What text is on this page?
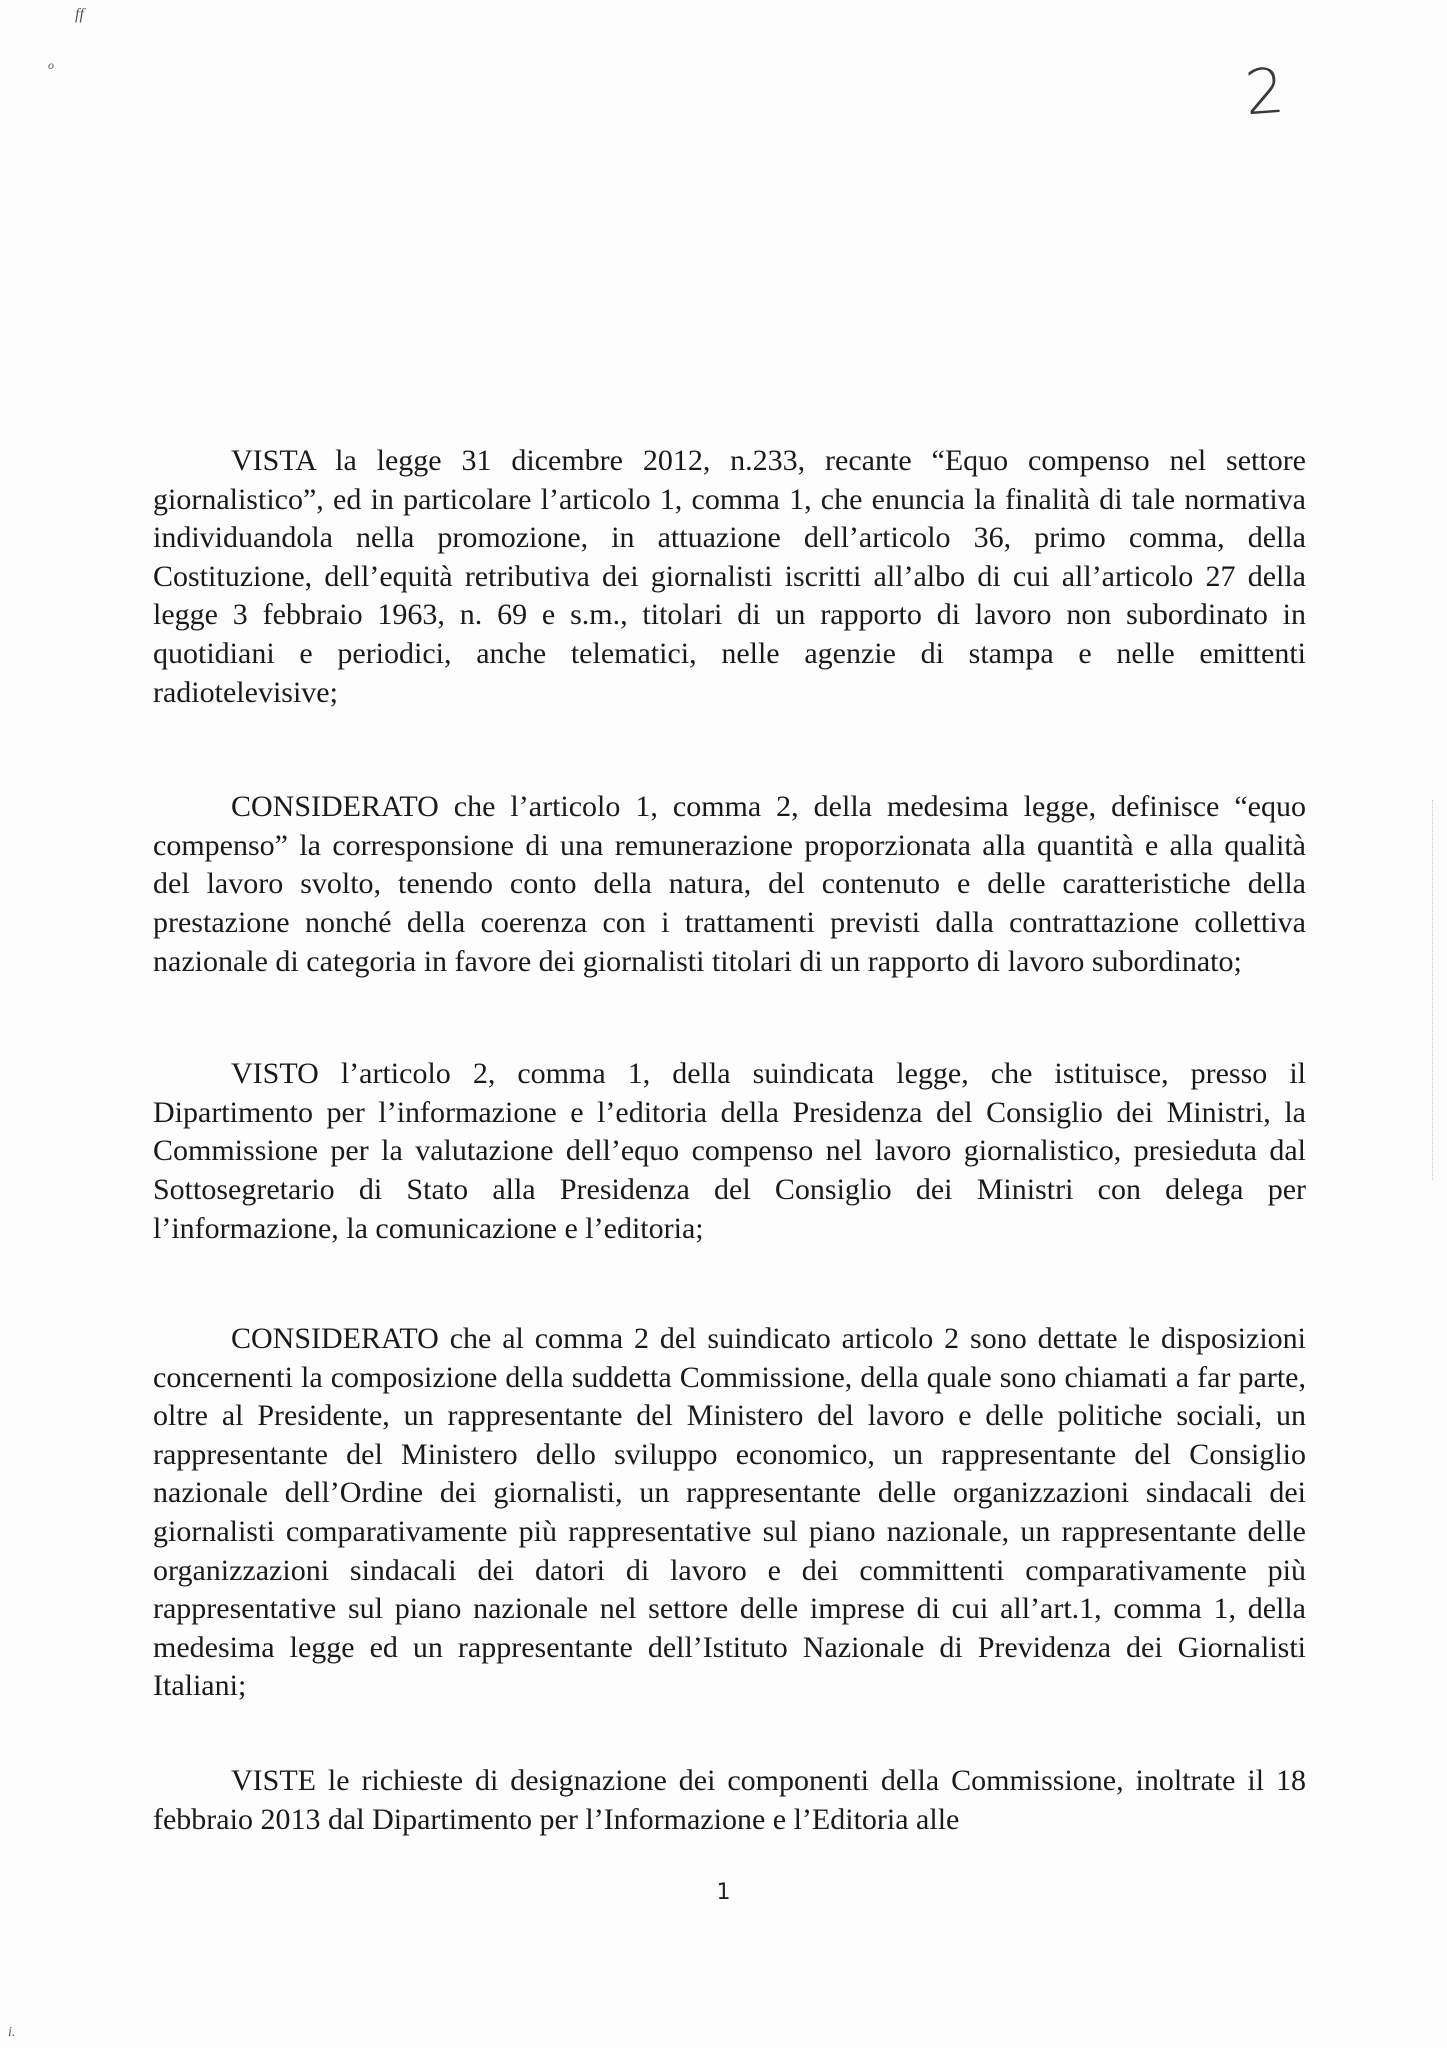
ff
o
i.
2

VISTA la legge 31 dicembre 2012, n.233, recante “Equo compenso nel settore giornalistico”, ed in particolare l’articolo 1, comma 1, che enuncia la finalità di tale normativa individuandola nella promozione, in attuazione dell’articolo 36, primo comma, della Costituzione, dell’equità retributiva dei giornalisti iscritti all’albo di cui all’articolo 27 della legge 3 febbraio 1963, n. 69 e s.m., titolari di un rapporto di lavoro non subordinato in quotidiani e periodici, anche telematici, nelle agenzie di stampa e nelle emittenti radiotelevisive;

CONSIDERATO che l’articolo 1, comma 2, della medesima legge, definisce “equo compenso” la corresponsione di una remunerazione proporzionata alla quantità e alla qualità del lavoro svolto, tenendo conto della natura, del contenuto e delle caratteristiche della prestazione nonché della coerenza con i trattamenti previsti dalla contrattazione collettiva nazionale di categoria in favore dei giornalisti titolari di un rapporto di lavoro subordinato;

VISTO l’articolo 2, comma 1, della suindicata legge, che istituisce, presso il Dipartimento per l’informazione e l’editoria della Presidenza del Consiglio dei Ministri, la Commissione per la valutazione dell’equo compenso nel lavoro giornalistico, presieduta dal Sottosegretario di Stato alla Presidenza del Consiglio dei Ministri con delega per l’informazione, la comunicazione e l’editoria;

CONSIDERATO che al comma 2 del suindicato articolo 2 sono dettate le disposizioni concernenti la composizione della suddetta Commissione, della quale sono chiamati a far parte, oltre al Presidente, un rappresentante del Ministero del lavoro e delle politiche sociali, un rappresentante del Ministero dello sviluppo economico, un rappresentante del Consiglio nazionale dell’Ordine dei giornalisti, un rappresentante delle organizzazioni sindacali dei giornalisti comparativamente più rappresentative sul piano nazionale, un rappresentante delle organizzazioni sindacali dei datori di lavoro e dei committenti comparativamente più rappresentative sul piano nazionale nel settore delle imprese di cui all’art.1, comma 1, della medesima legge ed un rappresentante dell’Istituto Nazionale di Previdenza dei Giornalisti Italiani;

VISTE le richieste di designazione dei componenti della Commissione, inoltrate il 18 febbraio 2013 dal Dipartimento per l’Informazione e l’Editoria alle

1
